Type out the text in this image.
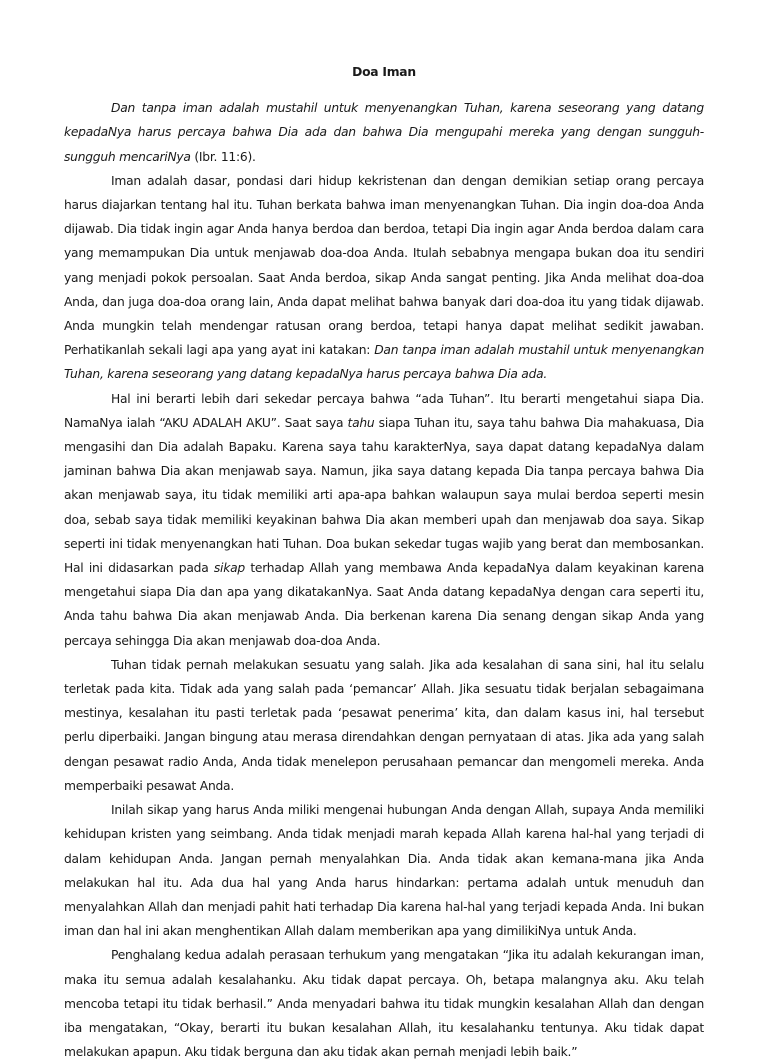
Doa Iman

Dan tanpa iman adalah mustahil untuk menyenangkan Tuhan, karena seseorang yang datang kepadaNya harus percaya bahwa Dia ada dan bahwa Dia mengupahi mereka yang dengan sungguh-sungguh mencariNya (Ibr. 11:6).

Iman adalah dasar, pondasi dari hidup kekristenan dan dengan demikian setiap orang percaya harus diajarkan tentang hal itu. Tuhan berkata bahwa iman menyenangkan Tuhan. Dia ingin doa-doa Anda dijawab. Dia tidak ingin agar Anda hanya berdoa dan berdoa, tetapi Dia ingin agar Anda berdoa dalam cara yang memampukan Dia untuk menjawab doa-doa Anda. Itulah sebabnya mengapa bukan doa itu sendiri yang menjadi pokok persoalan. Saat Anda berdoa, sikap Anda sangat penting. Jika Anda melihat doa-doa Anda, dan juga doa-doa orang lain, Anda dapat melihat bahwa banyak dari doa-doa itu yang tidak dijawab. Anda mungkin telah mendengar ratusan orang berdoa, tetapi hanya dapat melihat sedikit jawaban. Perhatikanlah sekali lagi apa yang ayat ini katakan: Dan tanpa iman adalah mustahil untuk menyenangkan Tuhan, karena seseorang yang datang kepadaNya harus percaya bahwa Dia ada.

Hal ini berarti lebih dari sekedar percaya bahwa “ada Tuhan”. Itu berarti mengetahui siapa Dia. NamaNya ialah “AKU ADALAH AKU”. Saat saya tahu siapa Tuhan itu, saya tahu bahwa Dia mahakuasa, Dia mengasihi dan Dia adalah Bapaku. Karena saya tahu karakterNya, saya dapat datang kepadaNya dalam jaminan bahwa Dia akan menjawab saya. Namun, jika saya datang kepada Dia tanpa percaya bahwa Dia akan menjawab saya, itu tidak memiliki arti apa-apa bahkan walaupun saya mulai berdoa seperti mesin doa, sebab saya tidak memiliki keyakinan bahwa Dia akan memberi upah dan menjawab doa saya. Sikap seperti ini tidak menyenangkan hati Tuhan. Doa bukan sekedar tugas wajib yang berat dan membosankan. Hal ini didasarkan pada sikap terhadap Allah yang membawa Anda kepadaNya dalam keyakinan karena mengetahui siapa Dia dan apa yang dikatakanNya. Saat Anda datang kepadaNya dengan cara seperti itu, Anda tahu bahwa Dia akan menjawab Anda. Dia berkenan karena Dia senang dengan sikap Anda yang percaya sehingga Dia akan menjawab doa-doa Anda.

Tuhan tidak pernah melakukan sesuatu yang salah. Jika ada kesalahan di sana sini, hal itu selalu terletak pada kita. Tidak ada yang salah pada ‘pemancar’ Allah. Jika sesuatu tidak berjalan sebagaimana mestinya, kesalahan itu pasti terletak pada ‘pesawat penerima’ kita, dan dalam kasus ini, hal tersebut perlu diperbaiki. Jangan bingung atau merasa direndahkan dengan pernyataan di atas. Jika ada yang salah dengan pesawat radio Anda, Anda tidak menelepon perusahaan pemancar dan mengomeli mereka. Anda memperbaiki pesawat Anda.

Inilah sikap yang harus Anda miliki mengenai hubungan Anda dengan Allah, supaya Anda memiliki kehidupan kristen yang seimbang. Anda tidak menjadi marah kepada Allah karena hal-hal yang terjadi di dalam kehidupan Anda. Jangan pernah menyalahkan Dia. Anda tidak akan kemana-mana jika Anda melakukan hal itu. Ada dua hal yang Anda harus hindarkan: pertama adalah untuk menuduh dan menyalahkan Allah dan menjadi pahit hati terhadap Dia karena hal-hal yang terjadi kepada Anda. Ini bukan iman dan hal ini akan menghentikan Allah dalam memberikan apa yang dimilikiNya untuk Anda.

Penghalang kedua adalah perasaan terhukum yang mengatakan “Jika itu adalah kekurangan iman, maka itu semua adalah kesalahanku. Aku tidak dapat percaya. Oh, betapa malangnya aku. Aku telah mencoba tetapi itu tidak berhasil.” Anda menyadari bahwa itu tidak mungkin kesalahan Allah dan dengan iba mengatakan, “Okay, berarti itu bukan kesalahan Allah, itu kesalahanku tentunya. Aku tidak dapat melakukan apapun. Aku tidak berguna dan aku tidak akan pernah menjadi lebih baik.”
